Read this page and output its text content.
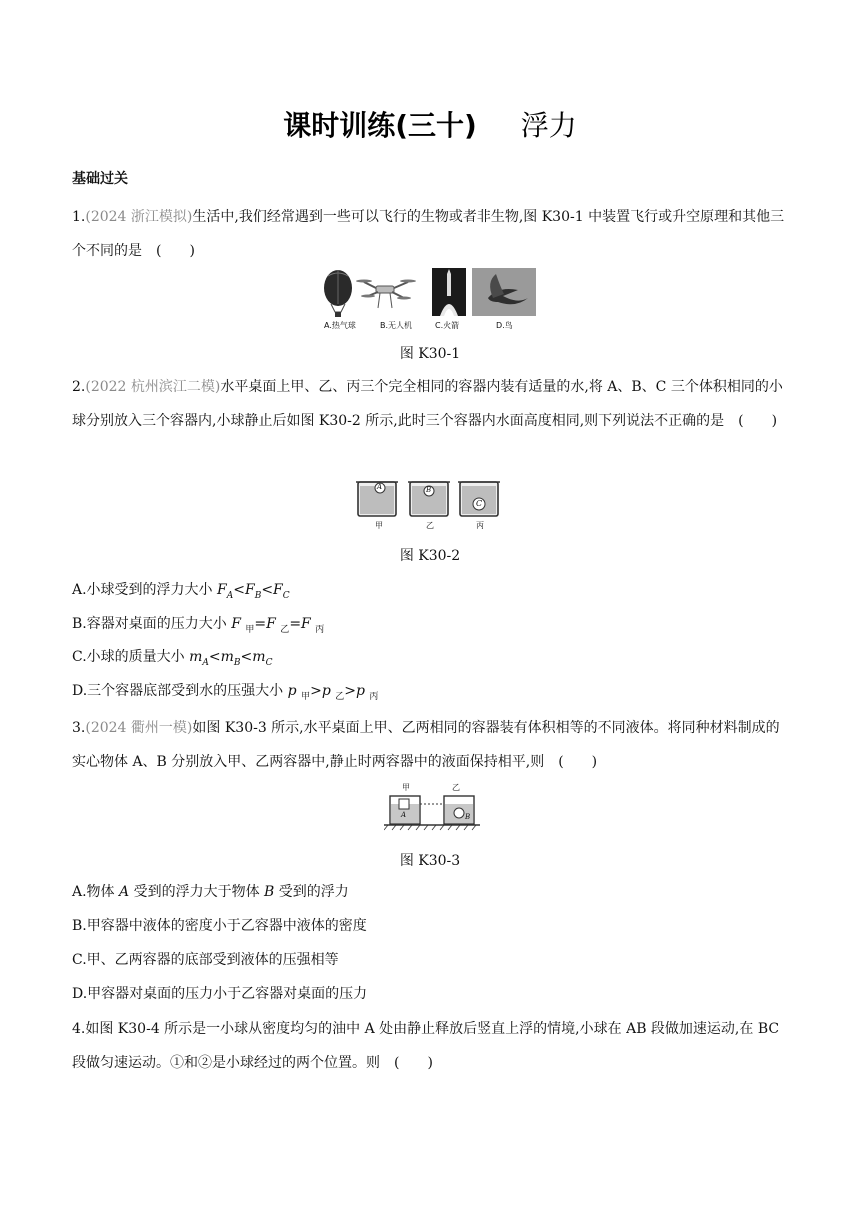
课时训练(三十) 浮力
基础过关
1.(2024 浙江模拟)生活中,我们经常遇到一些可以飞行的生物或者非生物,图 K30-1 中装置飞行或升空原理和其他三个不同的是　(　　)
A.热气球	B.无人机	C.火箭	D.鸟
图 K30-1
2.(2022 杭州滨江二模)水平桌面上甲、乙、丙三个完全相同的容器内装有适量的水,将 A、B、C 三个体积相同的小球分别放入三个容器内,小球静止后如图 K30-2 所示,此时三个容器内水面高度相同,则下列说法不正确的是　(　　)
A	B
C
甲	乙	丙
图 K30-2
A.小球受到的浮力大小 $F_A<F_B<F_C$
B.容器对桌面的压力大小 F $_甲$=F $_乙$=F $_丙$
C.小球的质量大小 $m_A<m_B<m_C$
D.三个容器底部受到水的压强大小 p $_甲$>p $_乙$>p $_丙$
3.(2024 衢州一模)如图 K30-3 所示,水平桌面上甲、乙两相同的容器装有体积相等的不同液体。将同种材料制成的实心物体 A、B 分别放入甲、乙两容器中,静止时两容器中的液面保持相平,则　(　　)
甲	乙
A	B
图 K30-3
A.物体 A 受到的浮力大于物体 B 受到的浮力
B.甲容器中液体的密度小于乙容器中液体的密度
C.甲、乙两容器的底部受到液体的压强相等
D.甲容器对桌面的压力小于乙容器对桌面的压力
4.如图 K30-4 所示是一小球从密度均匀的油中 A 处由静止释放后竖直上浮的情境,小球在 AB 段做加速运动,在 BC 段做匀速运动。①和②是小球经过的两个位置。则　(　　)
